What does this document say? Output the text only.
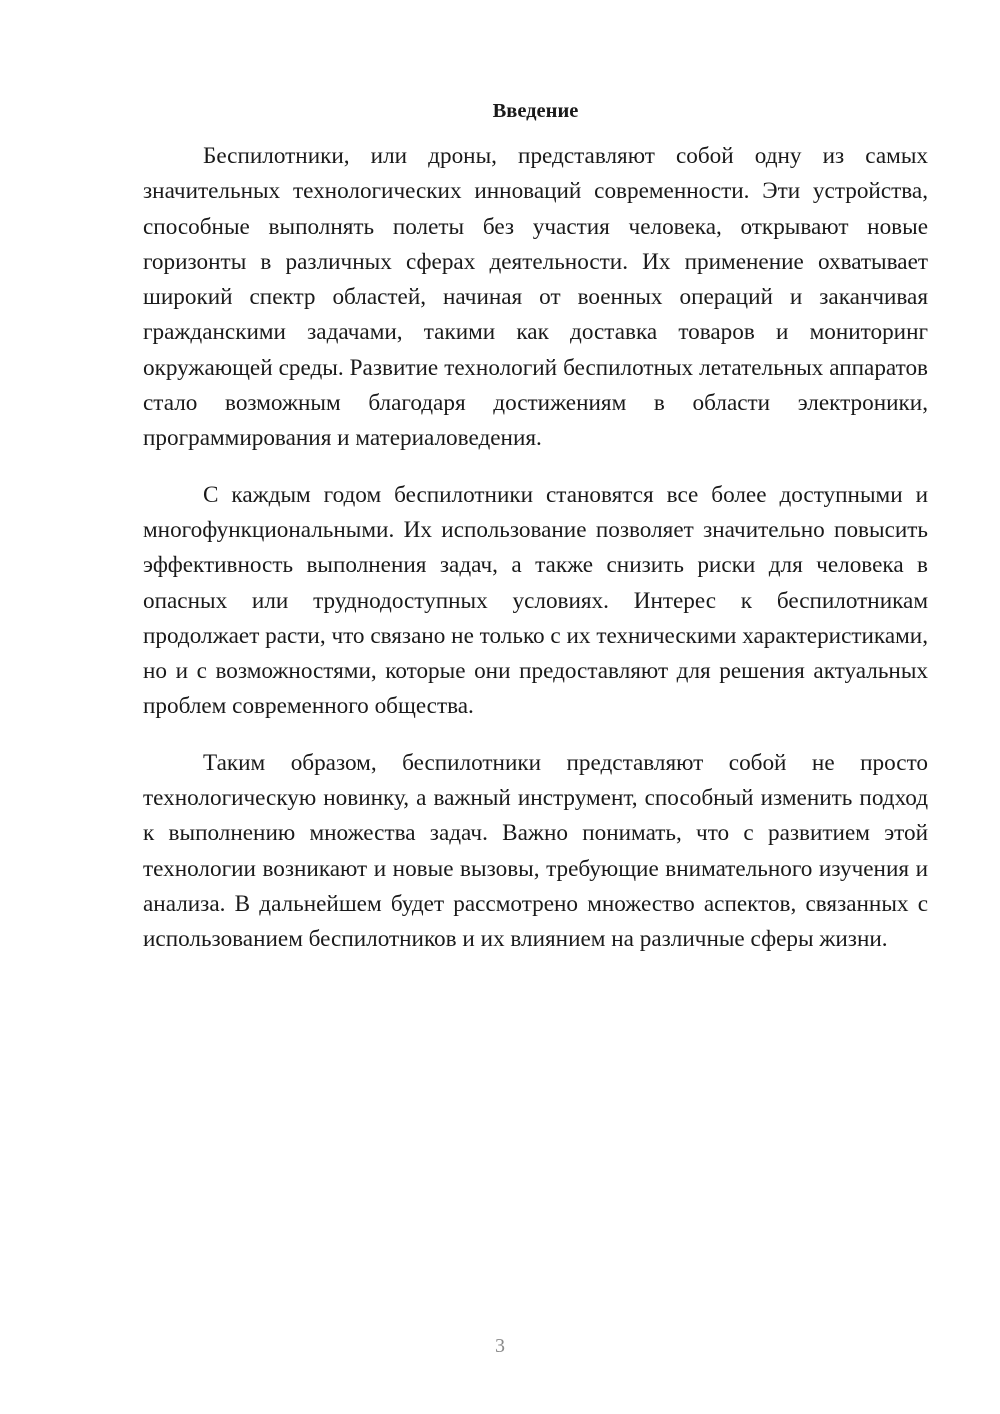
Введение

Беспилотники, или дроны, представляют собой одну из самых значительных технологических инноваций современности. Эти устройства, способные выполнять полеты без участия человека, открывают новые горизонты в различных сферах деятельности. Их применение охватывает широкий спектр областей, начиная от военных операций и заканчивая гражданскими задачами, такими как доставка товаров и мониторинг окружающей среды. Развитие технологий беспилотных летательных аппаратов стало возможным благодаря достижениям в области электроники, программирования и материаловедения.

С каждым годом беспилотники становятся все более доступными и многофункциональными. Их использование позволяет значительно повысить эффективность выполнения задач, а также снизить риски для человека в опасных или труднодоступных условиях. Интерес к беспилотникам продолжает расти, что связано не только с их техническими характеристиками, но и с возможностями, которые они предоставляют для решения актуальных проблем современного общества.

Таким образом, беспилотники представляют собой не просто технологическую новинку, а важный инструмент, способный изменить подход к выполнению множества задач. Важно понимать, что с развитием этой технологии возникают и новые вызовы, требующие внимательного изучения и анализа. В дальнейшем будет рассмотрено множество аспектов, связанных с использованием беспилотников и их влиянием на различные сферы жизни.

3
